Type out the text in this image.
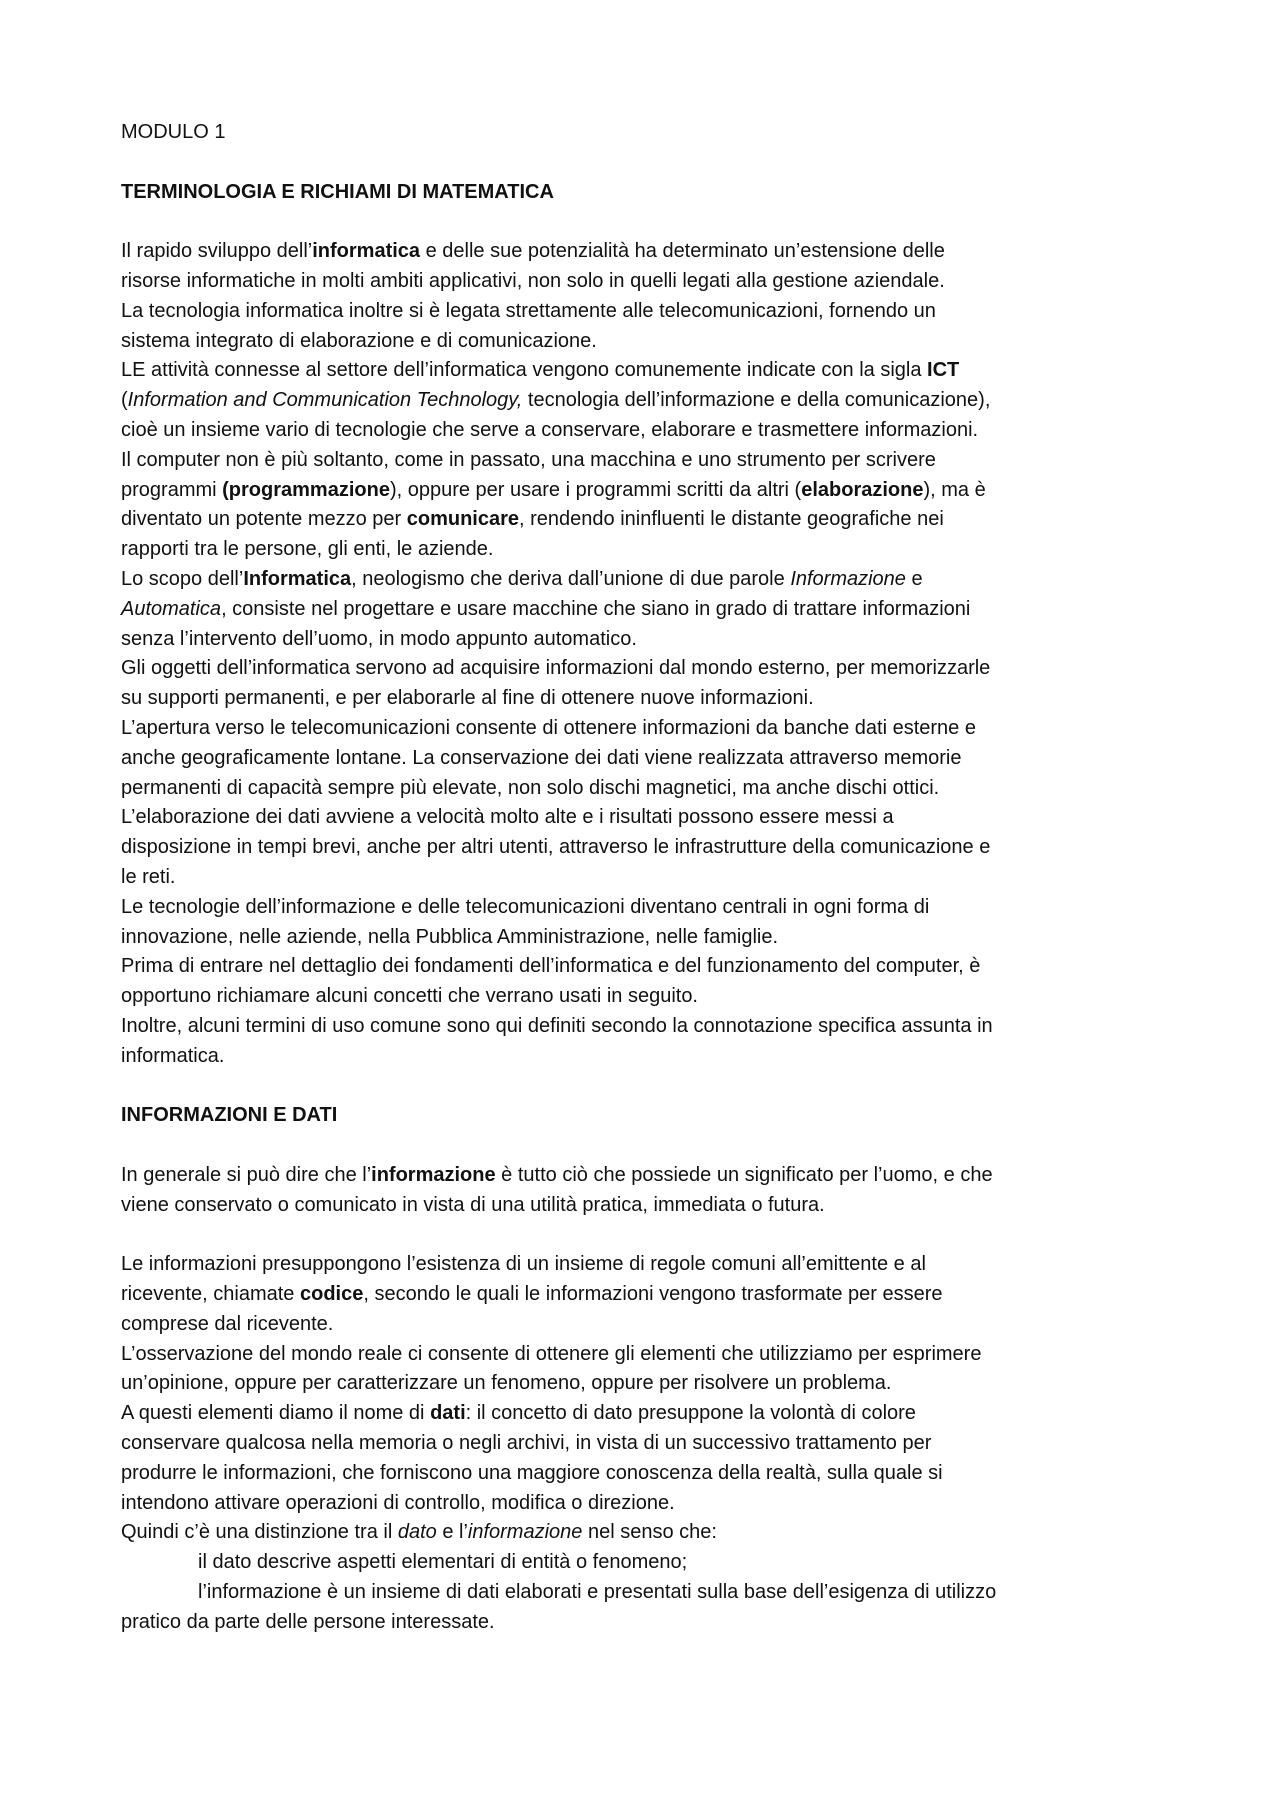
MODULO 1
TERMINOLOGIA E RICHIAMI DI MATEMATICA
Il rapido sviluppo dell’informatica e delle sue potenzialità ha determinato un’estensione delle
risorse informatiche in molti ambiti applicativi, non solo in quelli legati alla gestione aziendale.
La tecnologia informatica inoltre si è legata strettamente alle telecomunicazioni, fornendo un
sistema integrato di elaborazione e di comunicazione.
LE attività connesse al settore dell’informatica vengono comunemente indicate con la sigla ICT
(Information and Communication Technology, tecnologia dell’informazione e della comunicazione),
cioè un insieme vario di tecnologie che serve a conservare, elaborare e trasmettere informazioni.
Il computer non è più soltanto, come in passato, una macchina e uno strumento per scrivere
programmi (programmazione), oppure per usare i programmi scritti da altri (elaborazione), ma è
diventato un potente mezzo per comunicare, rendendo ininfluenti le distante geografiche nei
rapporti tra le persone, gli enti, le aziende.
Lo scopo dell’Informatica, neologismo che deriva dall’unione di due parole Informazione e
Automatica, consiste nel progettare e usare macchine che siano in grado di trattare informazioni
senza l’intervento dell’uomo, in modo appunto automatico.
Gli oggetti dell’informatica servono ad acquisire informazioni dal mondo esterno, per memorizzarle
su supporti permanenti, e per elaborarle al fine di ottenere nuove informazioni.
L’apertura verso le telecomunicazioni consente di ottenere informazioni da banche dati esterne e
anche geograficamente lontane. La conservazione dei dati viene realizzata attraverso memorie
permanenti di capacità sempre più elevate, non solo dischi magnetici, ma anche dischi ottici.
L’elaborazione dei dati avviene a velocità molto alte e i risultati possono essere messi a
disposizione in tempi brevi, anche per altri utenti, attraverso le infrastrutture della comunicazione e
le reti.
Le tecnologie dell’informazione e delle telecomunicazioni diventano centrali in ogni forma di
innovazione, nelle aziende, nella Pubblica Amministrazione, nelle famiglie.
Prima di entrare nel dettaglio dei fondamenti dell’informatica e del funzionamento del computer, è
opportuno richiamare alcuni concetti che verrano usati in seguito.
Inoltre, alcuni termini di uso comune sono qui definiti secondo la connotazione specifica assunta in
informatica.
INFORMAZIONI E DATI
In generale si può dire che l’informazione è tutto ciò che possiede un significato per l’uomo, e che
viene conservato o comunicato in vista di una utilità pratica, immediata o futura.
Le informazioni presuppongono l’esistenza di un insieme di regole comuni all’emittente e al
ricevente, chiamate codice, secondo le quali le informazioni vengono trasformate per essere
comprese dal ricevente.
L’osservazione del mondo reale ci consente di ottenere gli elementi che utilizziamo per esprimere
un’opinione, oppure per caratterizzare un fenomeno, oppure per risolvere un problema.
A questi elementi diamo il nome di dati: il concetto di dato presuppone la volontà di colore
conservare qualcosa nella memoria o negli archivi, in vista di un successivo trattamento per
produrre le informazioni, che forniscono una maggiore conoscenza della realtà, sulla quale si
intendono attivare operazioni di controllo, modifica o direzione.
Quindi c’è una distinzione tra il dato e l’informazione nel senso che:
il dato descrive aspetti elementari di entità o fenomeno;
l’informazione è un insieme di dati elaborati e presentati sulla base dell’esigenza di utilizzo
pratico da parte delle persone interessate.
